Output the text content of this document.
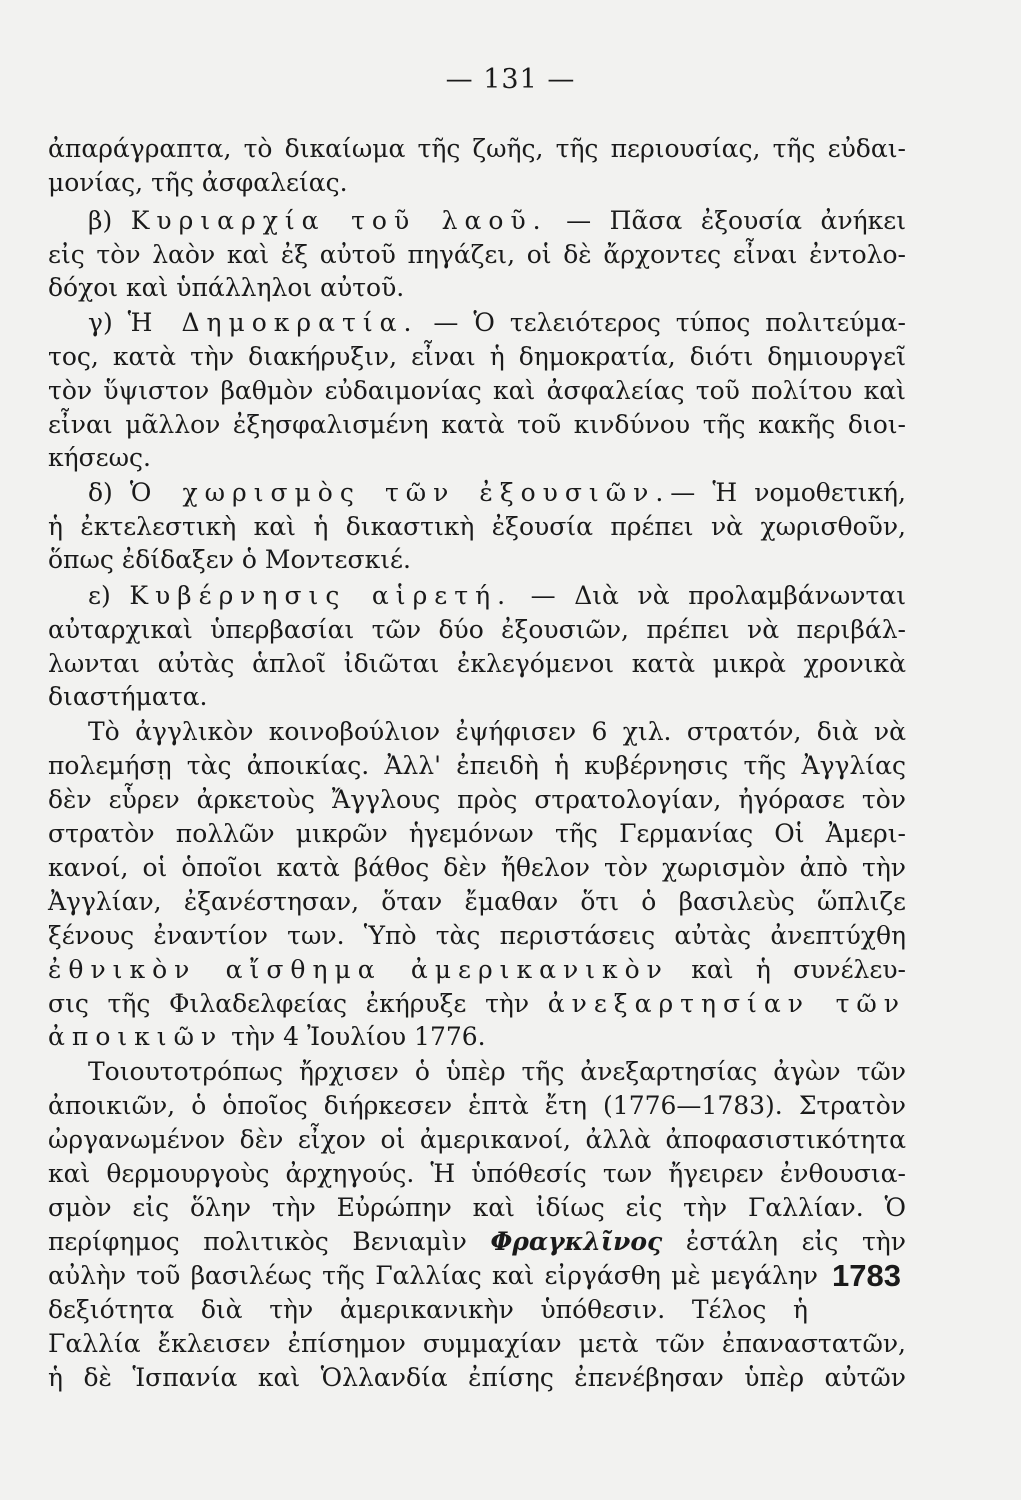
— 131 —
ἀπαράγραπτα, τὸ δικαίωμα τῆς ζωῆς, τῆς περιουσίας, τῆς εὐδαι-
μονίας, τῆς ἀσφαλείας.
β) Κυριαρχία τοῦ λαοῦ. — Πᾶσα ἐξουσία ἀνήκει
εἰς τὸν λαὸν καὶ ἐξ αὐτοῦ πηγάζει, οἱ δὲ ἄρχοντες εἶναι ἐντολο-
δόχοι καὶ ὑπάλληλοι αὐτοῦ.
γ) Ἡ Δημοκρατία. — Ὁ τελειότερος τύπος πολιτεύμα-
τος, κατὰ τὴν διακήρυξιν, εἶναι ἡ δημοκρατία, διότι δημιουργεῖ
τὸν ὕψιστον βαθμὸν εὐδαιμονίας καὶ ἀσφαλείας τοῦ πολίτου καὶ
εἶναι μᾶλλον ἐξησφαλισμένη κατὰ τοῦ κινδύνου τῆς κακῆς διοι-
κήσεως.
δ) Ὁ χωρισμὸς τῶν ἐξουσιῶν.— Ἡ νομοθετική,
ἡ ἐκτελεστικὴ καὶ ἡ δικαστικὴ ἐξουσία πρέπει νὰ χωρισθοῦν,
ὅπως ἐδίδαξεν ὁ Μοντεσκιέ.
ε) Κυβέρνησις αἱρετή. — Διὰ νὰ προλαμβάνωνται
αὐταρχικαὶ ὑπερβασίαι τῶν δύο ἐξουσιῶν, πρέπει νὰ περιβάλ-
λωνται αὐτὰς ἁπλοῖ ἰδιῶται ἐκλεγόμενοι κατὰ μικρὰ χρονικὰ
διαστήματα.
Τὸ ἀγγλικὸν κοινοβούλιον ἐψήφισεν 6 χιλ. στρατόν, διὰ νὰ
πολεμήσῃ τὰς ἀποικίας. Ἀλλ' ἐπειδὴ ἡ κυβέρνησις τῆς Ἀγγλίας
δὲν εὗρεν ἀρκετοὺς Ἄγγλους πρὸς στρατολογίαν, ἠγόρασε τὸν
στρατὸν πολλῶν μικρῶν ἡγεμόνων τῆς Γερμανίας Οἱ Ἀμερι-
κανοί, οἱ ὁποῖοι κατὰ βάθος δὲν ἤθελον τὸν χωρισμὸν ἀπὸ τὴν
Ἀγγλίαν, ἐξανέστησαν, ὅταν ἔμαθαν ὅτι ὁ βασιλεὺς ὥπλιζε
ξένους ἐναντίον των. Ὑπὸ τὰς περιστάσεις αὐτὰς ἀνεπτύχθη
ἐθνικὸν αἴσθημα ἀμερικανικὸν καὶ ἡ συνέλευ-
σις τῆς Φιλαδελφείας ἐκήρυξε τὴν ἀνεξαρτησίαν τῶν
ἀποικιῶν τὴν 4 Ἰουλίου 1776.
Τοιουτοτρόπως ἤρχισεν ὁ ὑπὲρ τῆς ἀνεξαρτησίας ἀγὼν τῶν
ἀποικιῶν, ὁ ὁποῖος διήρκεσεν ἑπτὰ ἔτη (1776—1783). Στρατὸν
ὠργανωμένον δὲν εἶχον οἱ ἀμερικανοί, ἀλλὰ ἀποφασιστικότητα
καὶ θερμουργοὺς ἀρχηγούς. Ἡ ὑπόθεσίς των ἤγειρεν ἐνθουσια-
σμὸν εἰς ὅλην τὴν Εὐρώπην καὶ ἰδίως εἰς τὴν Γαλλίαν. Ὁ
περίφημος πολιτικὸς Βενιαμὶν Φραγκλῖνος ἐστάλη εἰς τὴν
αὐλὴν τοῦ βασιλέως τῆς Γαλλίας καὶ εἰργάσθη μὲ μεγάλην
δεξιότητα διὰ τὴν ἀμερικανικὴν ὑπόθεσιν. Τέλος ἡ
Γαλλία ἔκλεισεν ἐπίσημον συμμαχίαν μετὰ τῶν ἐπαναστατῶν,
ἡ δὲ Ἱσπανία καὶ Ὁλλανδία ἐπίσης ἐπενέβησαν ὑπὲρ αὐτῶν
1783
